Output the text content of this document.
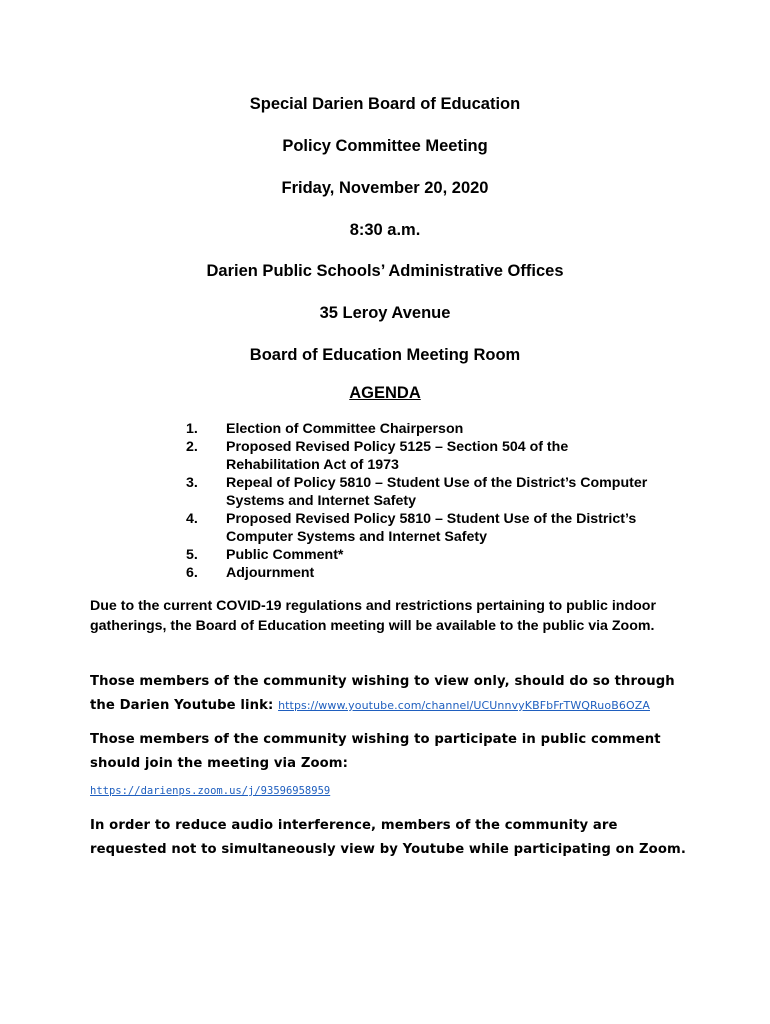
Special Darien Board of Education
Policy Committee Meeting
Friday, November 20, 2020
8:30 a.m.
Darien Public Schools’ Administrative Offices
35 Leroy Avenue
Board of Education Meeting Room
AGENDA
1.	Election of Committee Chairperson
2.	Proposed Revised Policy 5125 – Section 504 of the Rehabilitation Act of 1973
3.	Repeal of Policy 5810 – Student Use of the District’s Computer Systems and Internet Safety
4.	Proposed Revised Policy 5810 – Student Use of the District’s Computer Systems and Internet Safety
5.	Public Comment*
6.	Adjournment

Due to the current COVID-19 regulations and restrictions pertaining to public indoor gatherings, the Board of Education meeting will be available to the public via Zoom.

Those members of the community wishing to view only, should do so through the Darien Youtube link: https://www.youtube.com/channel/UCUnnvyKBFbFrTWQRuoB6OZA

Those members of the community wishing to participate in public comment should join the meeting via Zoom:

https://darienps.zoom.us/j/93596958959

In order to reduce audio interference, members of the community are requested not to simultaneously view by Youtube while participating on Zoom.
